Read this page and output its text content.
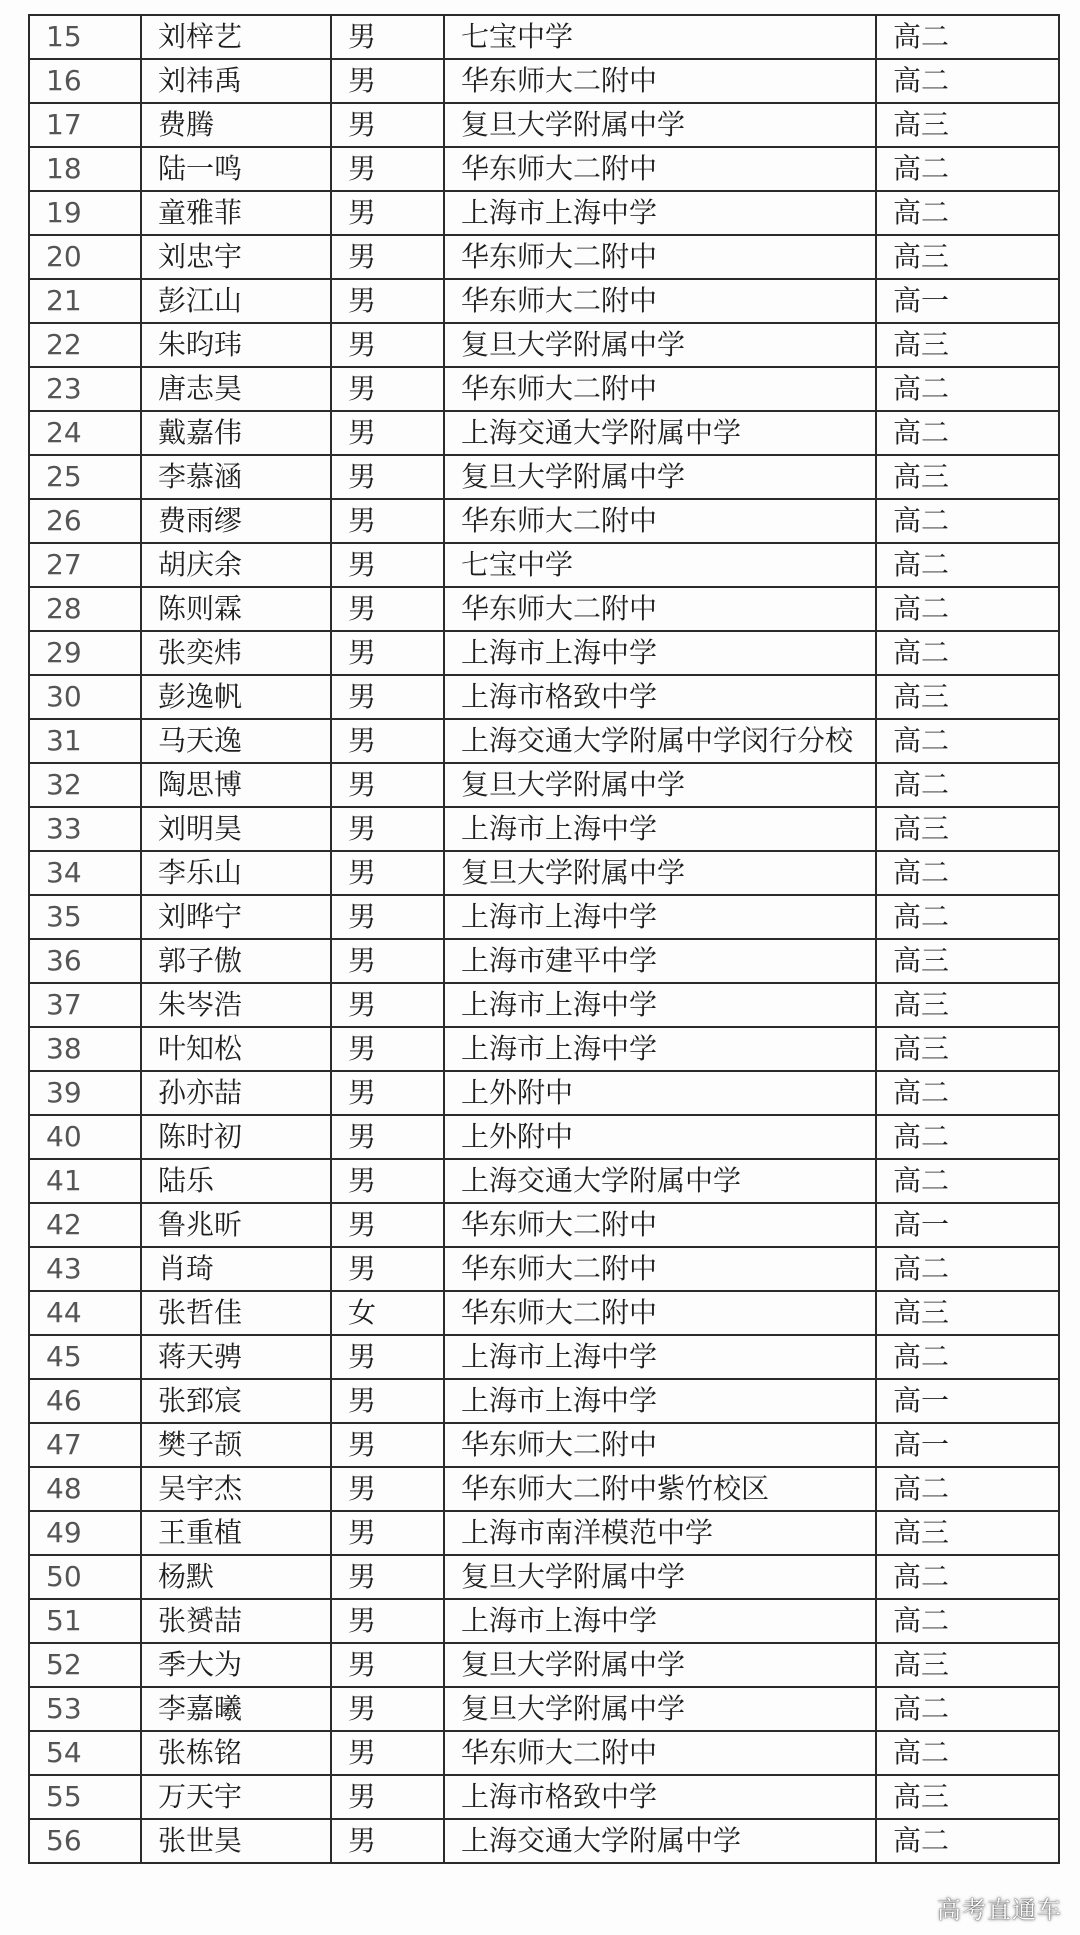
15	刘梓艺	男	七宝中学	高二
16	刘祎禹	男	华东师大二附中	高二
17	费腾	男	复旦大学附属中学	高三
18	陆一鸣	男	华东师大二附中	高二
19	童雅菲	男	上海市上海中学	高二
20	刘忠宇	男	华东师大二附中	高三
21	彭江山	男	华东师大二附中	高一
22	朱昀玮	男	复旦大学附属中学	高三
23	唐志昊	男	华东师大二附中	高二
24	戴嘉伟	男	上海交通大学附属中学	高二
25	李慕涵	男	复旦大学附属中学	高三
26	费雨缪	男	华东师大二附中	高二
27	胡庆余	男	七宝中学	高二
28	陈则霖	男	华东师大二附中	高二
29	张奕炜	男	上海市上海中学	高二
30	彭逸帆	男	上海市格致中学	高三
31	马天逸	男	上海交通大学附属中学闵行分校	高二
32	陶思博	男	复旦大学附属中学	高二
33	刘明昊	男	上海市上海中学	高三
34	李乐山	男	复旦大学附属中学	高二
35	刘晔宁	男	上海市上海中学	高二
36	郭子傲	男	上海市建平中学	高三
37	朱岑浩	男	上海市上海中学	高三
38	叶知松	男	上海市上海中学	高三
39	孙亦喆	男	上外附中	高二
40	陈时初	男	上外附中	高二
41	陆乐	男	上海交通大学附属中学	高二
42	鲁兆昕	男	华东师大二附中	高一
43	肖琦	男	华东师大二附中	高二
44	张哲佳	女	华东师大二附中	高三
45	蒋天骋	男	上海市上海中学	高二
46	张郅宸	男	上海市上海中学	高一
47	樊子颉	男	华东师大二附中	高一
48	吴宇杰	男	华东师大二附中紫竹校区	高二
49	王重植	男	上海市南洋模范中学	高三
50	杨默	男	复旦大学附属中学	高二
51	张赟喆	男	上海市上海中学	高二
52	季大为	男	复旦大学附属中学	高三
53	李嘉曦	男	复旦大学附属中学	高二
54	张栋铭	男	华东师大二附中	高二
55	万天宇	男	上海市格致中学	高三
56	张世昊	男	上海交通大学附属中学	高二
高考直通车
